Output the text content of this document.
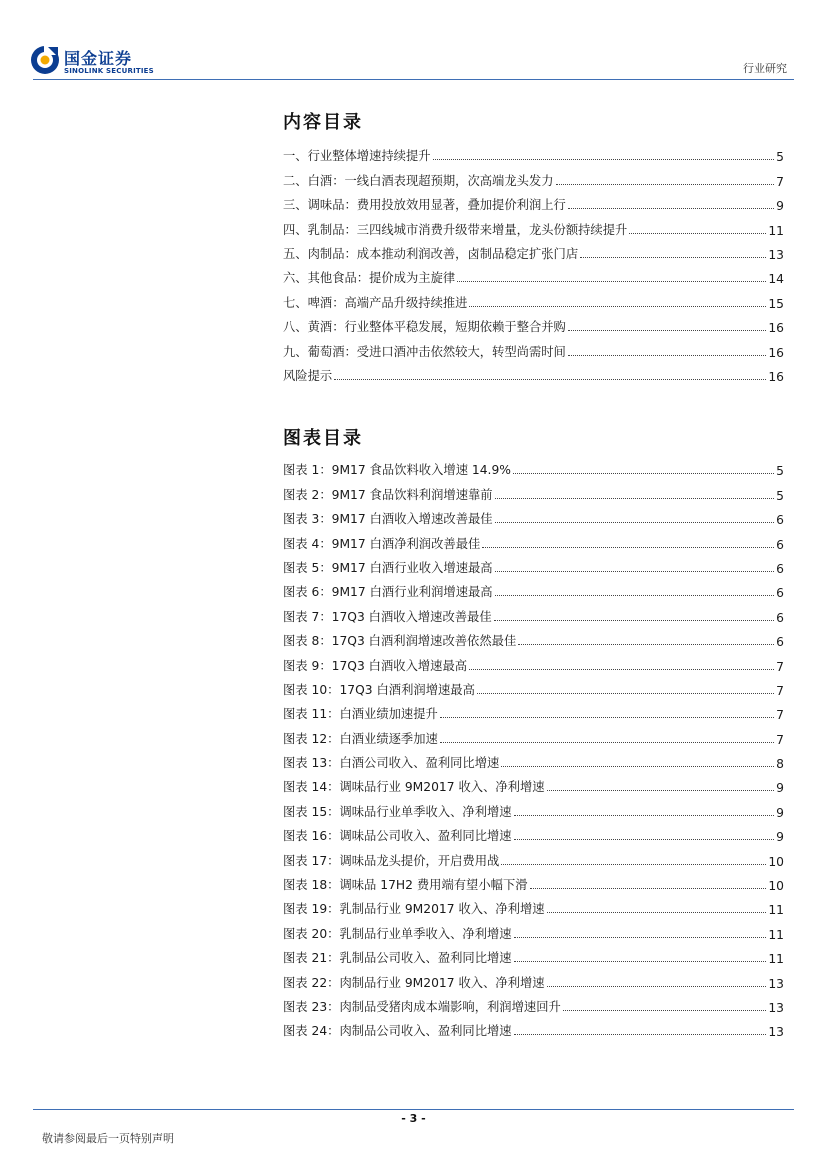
国金证券
SINOLINK SECURITIES	行业研究
内容目录
一、行业整体增速持续提升	5
二、白酒：一线白酒表现超预期，次高端龙头发力	7
三、调味品：费用投放效用显著，叠加提价利润上行	9
四、乳制品：三四线城市消费升级带来增量，龙头份额持续提升	11
五、肉制品：成本推动利润改善，卤制品稳定扩张门店	13
六、其他食品：提价成为主旋律	14
七、啤酒：高端产品升级持续推进	15
八、黄酒：行业整体平稳发展，短期依赖于整合并购	16
九、葡萄酒：受进口酒冲击依然较大，转型尚需时间	16
风险提示	16
图表目录
图表 1：9M17 食品饮料收入增速 14.9%	5
图表 2：9M17 食品饮料利润增速靠前	5
图表 3：9M17 白酒收入增速改善最佳	6
图表 4：9M17 白酒净利润改善最佳	6
图表 5：9M17 白酒行业收入增速最高	6
图表 6：9M17 白酒行业利润增速最高	6
图表 7：17Q3 白酒收入增速改善最佳	6
图表 8：17Q3 白酒利润增速改善依然最佳	6
图表 9：17Q3 白酒收入增速最高	7
图表 10：17Q3 白酒利润增速最高	7
图表 11：白酒业绩加速提升	7
图表 12：白酒业绩逐季加速	7
图表 13：白酒公司收入、盈利同比增速	8
图表 14：调味品行业 9M2017 收入、净利增速	9
图表 15：调味品行业单季收入、净利增速	9
图表 16：调味品公司收入、盈利同比增速	9
图表 17：调味品龙头提价，开启费用战	10
图表 18：调味品 17H2 费用端有望小幅下滑	10
图表 19：乳制品行业 9M2017 收入、净利增速	11
图表 20：乳制品行业单季收入、净利增速	11
图表 21：乳制品公司收入、盈利同比增速	11
图表 22：肉制品行业 9M2017 收入、净利增速	13
图表 23：肉制品受猪肉成本端影响，利润增速回升	13
图表 24：肉制品公司收入、盈利同比增速	13
- 3 -
敬请参阅最后一页特别声明
